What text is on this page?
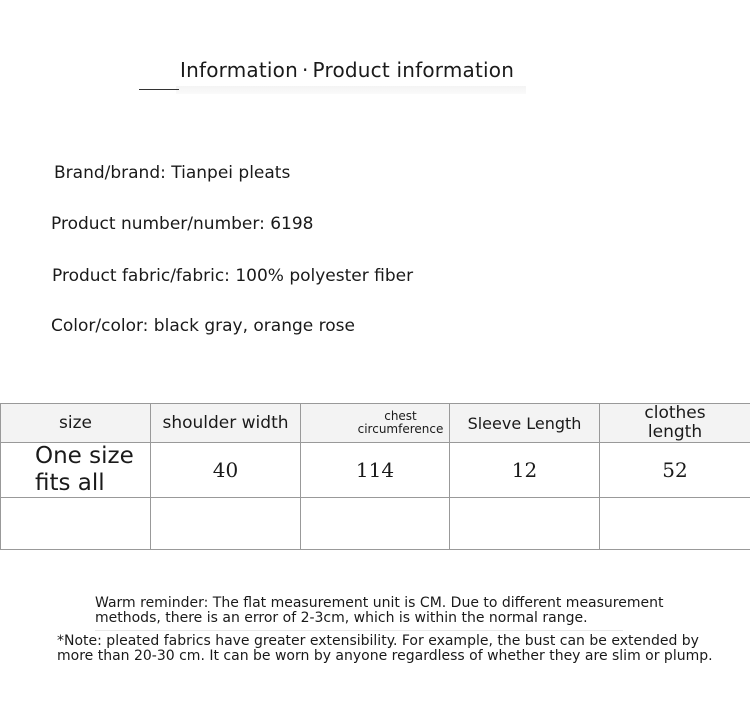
Information · Product information
Brand/brand: Tianpei pleats
Product number/number: 6198
Product fabric/fabric: 100% polyester fiber
Color/color: black gray, orange rose
size	shoulder width	chest circumference	Sleeve Length	clothes length

One size fits all	40	114	12	52

Warm reminder: The flat measurement unit is CM. Due to different measurement methods, there is an error of 2-3cm, which is within the normal range.
*Note: pleated fabrics have greater extensibility. For example, the bust can be extended by more than 20-30 cm. It can be worn by anyone regardless of whether they are slim or plump.
